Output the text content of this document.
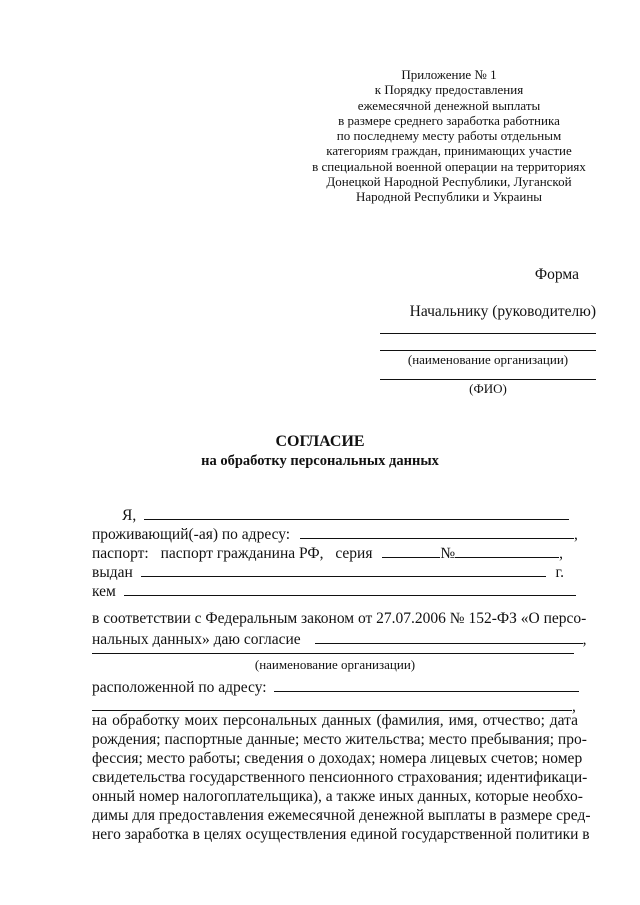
Приложение № 1
к Порядку предоставления
ежемесячной денежной выплаты
в размере среднего заработка работника
по последнему месту работы отдельным
категориям граждан, принимающих участие
в специальной военной операции на территориях
Донецкой Народной Республики, Луганской
Народной Республики и Украины
Форма
Начальнику (руководителю)
(наименование организации)
(ФИО)
СОГЛАСИЕ
на обработку персональных данных
Я,
проживающий(-ая) по адресу:	,
паспорт: паспорт гражданина РФ, серия	№	,
выдан	г.
кем
в соответствии с Федеральным законом от 27.07.2006 № 152-ФЗ «О персо-
нальных данных» даю согласие	,
(наименование организации)
расположенной по адресу:
,
на обработку моих персональных данных (фамилия, имя, отчество; дата
рождения; паспортные данные; место жительства; место пребывания; про-
фессия; место работы; сведения о доходах; номера лицевых счетов; номер
свидетельства государственного пенсионного страхования; идентификаци-
онный номер налогоплательщика), а также иных данных, которые необхо-
димы для предоставления ежемесячной денежной выплаты в размере сред-
него заработка в целях осуществления единой государственной политики в
